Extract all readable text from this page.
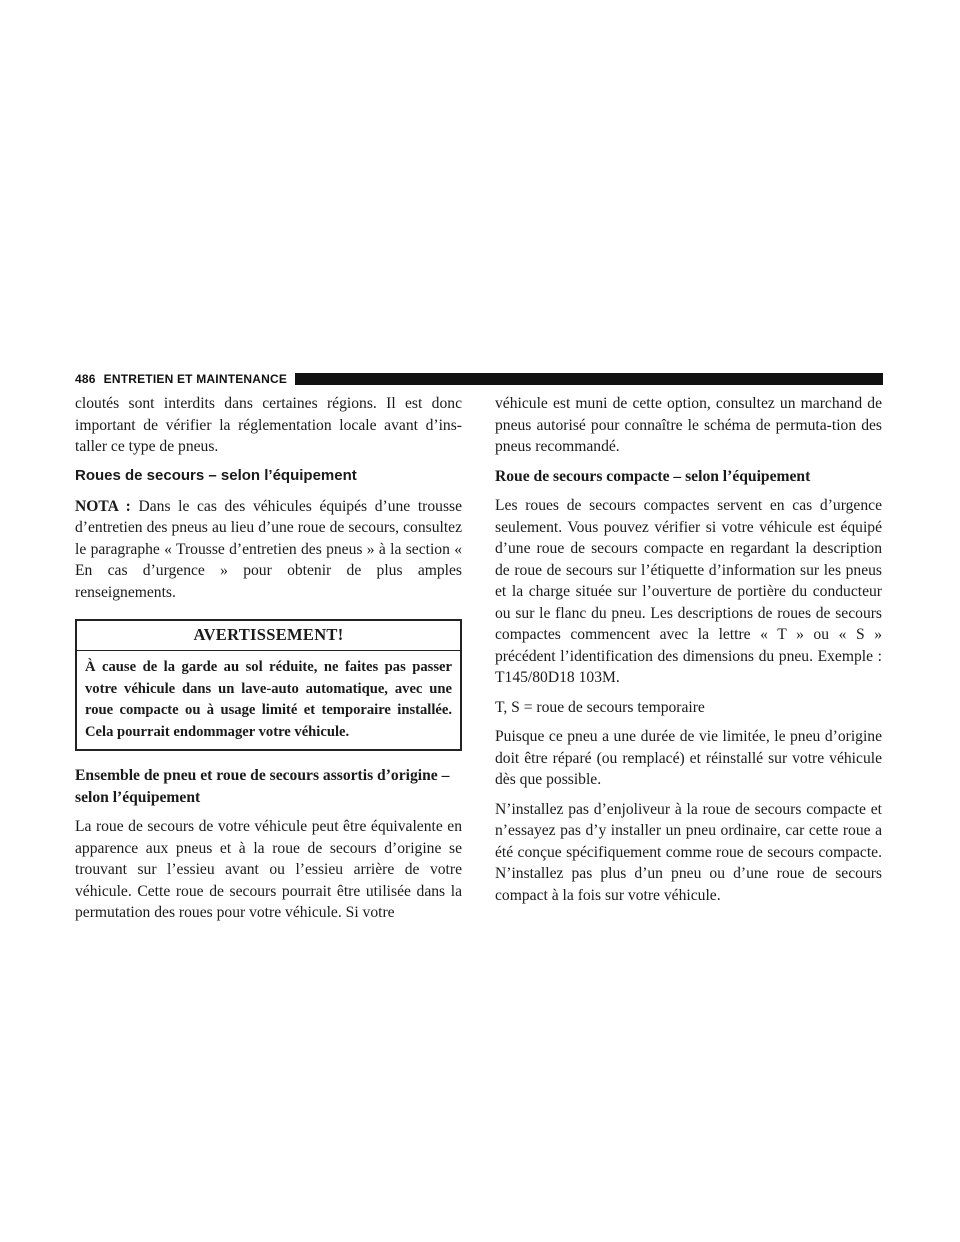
486 ENTRETIEN ET MAINTENANCE

cloutés sont interdits dans certaines régions. Il est donc important de vérifier la réglementation locale avant d’ins-taller ce type de pneus.

Roues de secours – selon l’équipement

NOTA : Dans le cas des véhicules équipés d’une trousse d’entretien des pneus au lieu d’une roue de secours, consultez le paragraphe « Trousse d’entretien des pneus » à la section « En cas d’urgence » pour obtenir de plus amples renseignements.

AVERTISSEMENT!
À cause de la garde au sol réduite, ne faites pas passer votre véhicule dans un lave-auto automatique, avec une roue compacte ou à usage limité et temporaire installée. Cela pourrait endommager votre véhicule.
Ensemble de pneu et roue de secours assortis d’origine – selon l’équipement

La roue de secours de votre véhicule peut être équivalente en apparence aux pneus et à la roue de secours d’origine se trouvant sur l’essieu avant ou l’essieu arrière de votre véhicule. Cette roue de secours pourrait être utilisée dans la permutation des roues pour votre véhicule. Si votre

véhicule est muni de cette option, consultez un marchand de pneus autorisé pour connaître le schéma de permuta-tion des pneus recommandé.

Roue de secours compacte – selon l’équipement

Les roues de secours compactes servent en cas d’urgence seulement. Vous pouvez vérifier si votre véhicule est équipé d’une roue de secours compacte en regardant la description de roue de secours sur l’étiquette d’information sur les pneus et la charge située sur l’ouverture de portière du conducteur ou sur le flanc du pneu. Les descriptions de roues de secours compactes commencent avec la lettre « T » ou « S » précédent l’identification des dimensions du pneu. Exemple : T145/80D18 103M.

T, S = roue de secours temporaire

Puisque ce pneu a une durée de vie limitée, le pneu d’origine doit être réparé (ou remplacé) et réinstallé sur votre véhicule dès que possible.

N’installez pas d’enjoliveur à la roue de secours compacte et n’essayez pas d’y installer un pneu ordinaire, car cette roue a été conçue spécifiquement comme roue de secours compacte. N’installez pas plus d’un pneu ou d’une roue de secours compact à la fois sur votre véhicule.
